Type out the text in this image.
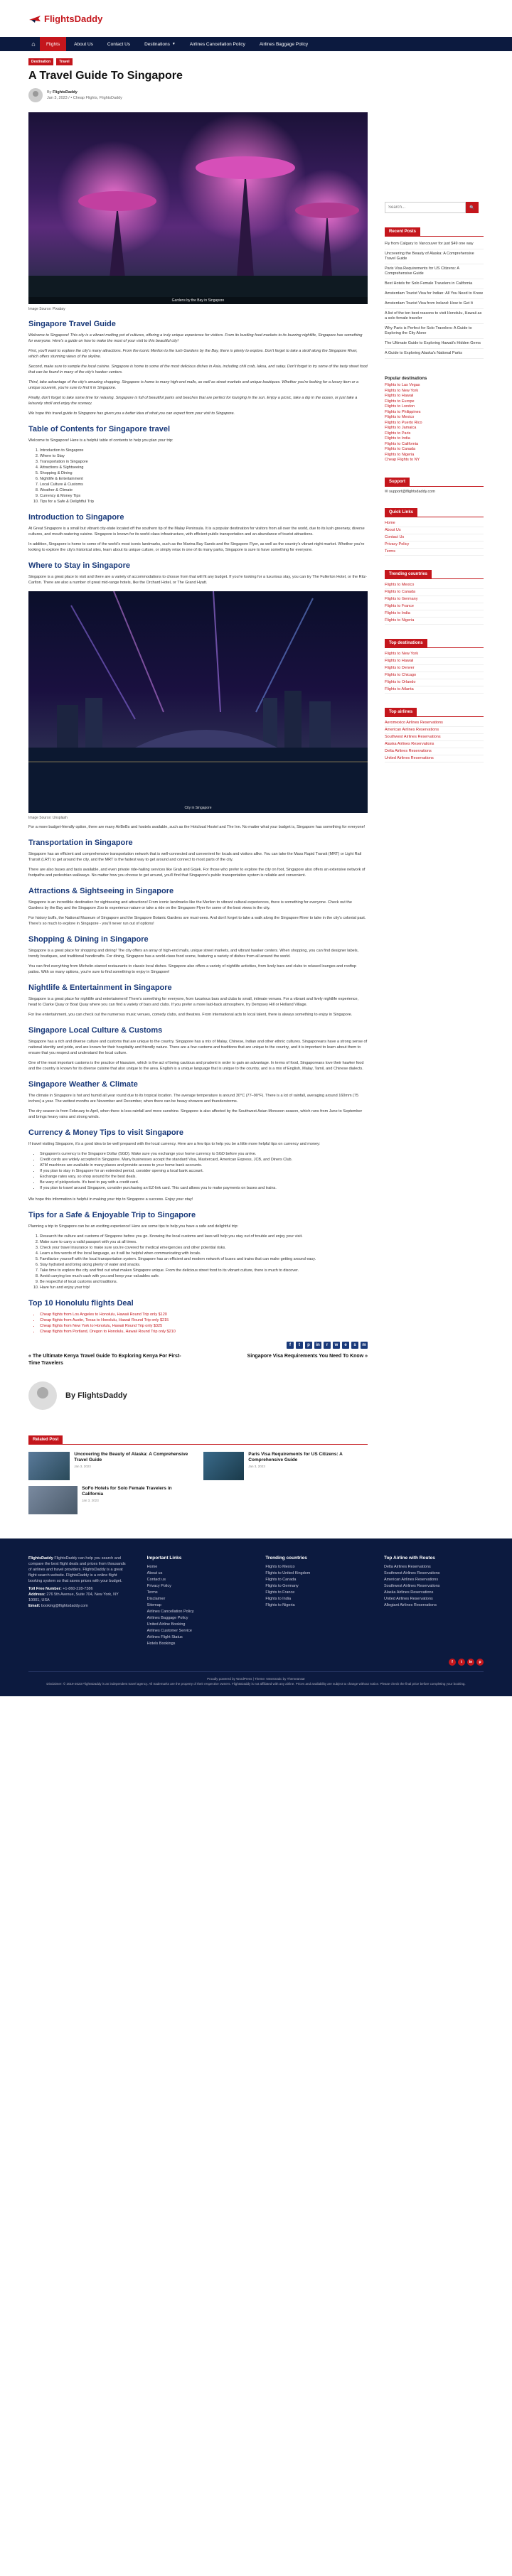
FlightsDaddy
⌂	Flights	About Us	Contact Us	Destinations ▼	Airlines Cancellation Policy	Airlines Baggage Policy
Destination	Travel
A Travel Guide To Singapore
By FlightsDaddy
Jan 3, 2023 / • Cheap Flights, FlightsDaddy
Gardens by the Bay in Singapore
Image Source: Pixabay
Singapore Travel Guide

Welcome to Singapore! This city is a vibrant melting pot of cultures, offering a truly unique experience for visitors. From its bustling food markets to its buzzing nightlife, Singapore has something for everyone. Here's a guide on how to make the most of your visit to this beautiful city!

First, you'll want to explore the city's many attractions. From the iconic Merlion to the lush Gardens by the Bay, there is plenty to explore. Don't forget to take a stroll along the Singapore River, which offers stunning views of the skyline.

Second, make sure to sample the local cuisine. Singapore is home to some of the most delicious dishes in Asia, including chili crab, laksa, and satay. Don't forget to try some of the tasty street food that can be found in many of the city's hawker centers.

Third, take advantage of the city's amazing shopping. Singapore is home to many high-end malls, as well as street markets and unique boutiques. Whether you're looking for a luxury item or a unique souvenir, you're sure to find it in Singapore.

Finally, don't forget to take some time for relaxing. Singapore is full of beautiful parks and beaches that are perfect for lounging in the sun. Enjoy a picnic, take a dip in the ocean, or just take a leisurely stroll and enjoy the scenery.

We hope this travel guide to Singapore has given you a better idea of what you can expect from your visit to Singapore.

Table of Contents for Singapore travel

Welcome to Singapore! Here is a helpful table of contents to help you plan your trip:

1. Introduction to Singapore
2. Where to Stay
3. Transportation in Singapore
4. Attractions & Sightseeing
5. Shopping & Dining
6. Nightlife & Entertainment
7. Local Culture & Customs
8. Weather & Climate
9. Currency & Money Tips
10. Tips for a Safe & Delightful Trip
Introduction to Singapore

At Great Singapore is a small but vibrant city-state located off the southern tip of the Malay Peninsula. It is a popular destination for visitors from all over the world, due to its lush greenery, diverse cultures, and mouth-watering cuisine. Singapore is known for its world-class infrastructure, with efficient public transportation and an abundance of tourist attractions.

In addition, Singapore is home to some of the world's most iconic landmarks, such as the Marina Bay Sands and the Singapore Flyer, as well as the country's vibrant night market. Whether you're looking to explore the city's historical sites, learn about its unique culture, or simply relax in one of its many parks, Singapore is sure to have something for everyone.

Where to Stay in Singapore

Singapore is a great place to visit and there are a variety of accommodations to choose from that will fit any budget. If you're looking for a luxurious stay, you can try The Fullerton Hotel, or the Ritz-Carlton. There are also a number of great mid-range hotels, like the Orchard Hotel, or The Grand Hyatt.

City in Singapore
Image Source: Unsplash

For a more budget-friendly option, there are many AirBnBs and hostels available, such as the Hotcloud Hostel and The Inn. No matter what your budget is, Singapore has something for everyone!

Transportation in Singapore

Singapore has an efficient and comprehensive transportation network that is well-connected and convenient for locals and visitors alike. You can take the Mass Rapid Transit (MRT) or Light Rail Transit (LRT) to get around the city, and the MRT is the fastest way to get around and connect to most parts of the city.

There are also buses and taxis available, and even private ride-hailing services like Grab and Gojek. For those who prefer to explore the city on foot, Singapore also offers an extensive network of footpaths and pedestrian walkways. No matter how you choose to get around, you'll find that Singapore's public transportation system is reliable and convenient.

Attractions & Sightseeing in Singapore

Singapore is an incredible destination for sightseeing and attractions! From iconic landmarks like the Merlion to vibrant cultural experiences, there is something for everyone. Check out the Gardens by the Bay and the Singapore Zoo to experience nature or take a ride on the Singapore Flyer for some of the best views in the city.

For history buffs, the National Museum of Singapore and the Singapore Botanic Gardens are must-sees. And don't forget to take a walk along the Singapore River to take in the city's colonial past. There's so much to explore in Singapore - you'll never run out of options!

Shopping & Dining in Singapore

Singapore is a great place for shopping and dining! The city offers an array of high-end malls, unique street markets, and vibrant hawker centers. When shopping, you can find designer labels, trendy boutiques, and traditional handicrafts. For dining, Singapore has a world-class food scene, featuring a variety of dishes from all around the world.

You can find everything from Michelin-starred restaurants to classic local dishes. Singapore also offers a variety of nightlife activities, from lively bars and clubs to relaxed lounges and rooftop patios. With so many options, you're sure to find something to enjoy in Singapore!

Nightlife & Entertainment in Singapore

Singapore is a great place for nightlife and entertainment! There's something for everyone, from luxurious bars and clubs to small, intimate venues. For a vibrant and lively nightlife experience, head to Clarke Quay or Boat Quay where you can find a variety of bars and clubs. If you prefer a more laid-back atmosphere, try Dempsey Hill or Holland Village.

For live entertainment, you can check out the numerous music venues, comedy clubs, and theatres. From international acts to local talent, there is always something to enjoy in Singapore.

Singapore Local Culture & Customs

Singapore has a rich and diverse culture and customs that are unique to the country. Singapore has a mix of Malay, Chinese, Indian and other ethnic cultures. Singaporeans have a strong sense of national identity and pride, and are known for their hospitality and friendly nature. There are a few customs and traditions that are unique to the country, and it is important to learn about them to ensure that you respect and understand the local culture.

One of the most important customs is the practice of kiasuism, which is the act of being cautious and prudent in order to gain an advantage. In terms of food, Singaporeans love their hawker food and the country is known for its diverse cuisine that also unique to the area. English is a unique language that is unique to the country, and is a mix of English, Malay, Tamil, and Chinese dialects.

Singapore Weather & Climate

The climate in Singapore is hot and humid all year round due to its tropical location. The average temperature is around 30°C (77–90°F). There is a lot of rainfall, averaging around 160mm (75 inches) a year. The wettest months are November and December, when there can be heavy showers and thunderstorms.

The dry season is from February to April, when there is less rainfall and more sunshine. Singapore is also affected by the Southwest Asian Monsoon season, which runs from June to September and brings heavy rains and strong winds.

Currency & Money Tips to visit Singapore

If travel visiting Singapore, it's a good idea to be well prepared with the local currency. Here are a few tips to help you be a little more helpful tips on currency and money:

• Singapore's currency is the Singapore Dollar (SGD). Make sure you exchange your home currency to SGD before you arrive.
• Credit cards are widely accepted in Singapore. Many businesses accept the standard Visa, Mastercard, American Express, JCB, and Diners Club.
• ATM machines are available in many places and provide access to your home bank accounts.
• If you plan to stay in Singapore for an extended period, consider opening a local bank account.
• Exchange rates vary, so shop around for the best deals.
• Be wary of pickpockets. It's best to pay with a credit card.
• If you plan to travel around Singapore, consider purchasing an EZ-link card. This card allows you to make payments on buses and trains.

We hope this information is helpful in making your trip to Singapore a success. Enjoy your stay!

Tips for a Safe & Enjoyable Trip to Singapore

Planning a trip to Singapore can be an exciting experience! Here are some tips to help you have a safe and delightful trip:

1. Research the culture and customs of Singapore before you go. Knowing the local customs and laws will help you stay out of trouble and enjoy your visit.
2. Make sure to carry a valid passport with you at all times.
3. Check your travel insurance to make sure you're covered for medical emergencies and other potential risks.
4. Learn a few words of the local language, as it will be helpful when communicating with locals.
5. Familiarize yourself with the local transportation system. Singapore has an efficient and modern network of buses and trains that can make getting around easy.
6. Stay hydrated and bring along plenty of water and snacks.
7. Take time to explore the city and find out what makes Singapore unique. From the delicious street food to its vibrant culture, there is much to discover.
8. Avoid carrying too much cash with you and keep your valuables safe.
9. Be respectful of local customs and traditions.
10. Have fun and enjoy your trip!
Top 10 Honolulu flights Deal
• Cheap flights from Los Angeles to Honolulu, Hawaii Round Trip only $120
• Cheap flights from Austin, Texas to Honolulu, Hawaii Round Trip only $215
• Cheap flights from New York to Honolulu, Hawaii Round Trip only $325
• Cheap flights from Portland, Oregon to Honolulu, Hawaii Round Trip only $210
f	t	p	in	r	w	e	s	m
« The Ultimate Kenya Travel Guide To Exploring Kenya For First-Time Travelers
Singapore Visa Requirements You Need To Know »
By FlightsDaddy
Related Post
Uncovering the Beauty of Alaska: A Comprehensive Travel Guide
Jan 3, 2023
Paris Visa Requirements for US Citizens: A Comprehensive Guide
Jan 3, 2023
SoFo Hotels for Solo Female Travelers in California
Jan 3, 2023
Search...
🔍
Recent Posts
Fly from Calgary to Vancouver for just $49 one way
Uncovering the Beauty of Alaska: A Comprehensive Travel Guide
Paris Visa Requirements for US Citizens: A Comprehensive Guide
Best Hotels for Solo Female Travelers in California
Amsterdam Tourist Visa for Indian: All You Need to Know
Amsterdam Tourist Visa from Ireland: How to Get It
A list of the ten best reasons to visit Honolulu, Hawaii as a solo female traveler
Why Paris is Perfect for Solo Travelers: A Guide to Exploring the City Alone
The Ultimate Guide to Exploring Hawaii's Hidden Gems
A Guide to Exploring Alaska's National Parks
Popular destinations
Flights to Las Vegas
Flights to New York
Flights to Hawaii
Flights to Europe
Flights to London
Flights to Philippines
Flights to Mexico
Flights to Puerto Rico
Flights to Jamaica
Flights to Paris
Flights to India
Flights to California
Flights to Canada
Flights to Nigeria
Cheap Flights to NY
Support
✉ support@flightsdaddy.com
Quick Links
Home
About Us
Contact Us
Privacy Policy
Terms
Trending countries
Flights to Mexico
Flights to Canada
Flights to Germany
Flights to France
Flights to India
Flights to Nigeria
Top destinations
Flights to New York
Flights to Hawaii
Flights to Denver
Flights to Chicago
Flights to Orlando
Flights to Atlanta
Top airlines
Aeromexico Airlines Reservations
American Airlines Reservations
Southwest Airlines Reservations
Alaska Airlines Reservations
Delta Airlines Reservations
United Airlines Reservations
FlightsDaddy FlightsDaddy can help you search and compare the best flight deals and prices from thousands of airlines and travel providers. FlightsDaddy is a great flight search website. FlightsDaddy is a online flight booking system so that saves prices with your budget.
Toll Free Number: +1-860-228-7386
Address: 276 5th Avenue, Suite 704, New York, NY 10001, USA
Email: booking@flightsdaddy.com
Important Links
Home
About us
Contact us
Privacy Policy
Terms
Disclaimer
Sitemap
Airlines Cancellation Policy
Airlines Baggage Policy
United Airline Booking
Airlines Customer Service
Airlines Flight Status
Hotels Bookings
Trending countries
Flights to Mexico
Flights to United Kingdom
Flights to Canada
Flights to Germany
Flights to France
Flights to India
Flights to Nigeria
Top Airline with Routes
Delta Airlines Reservations
Southwest Airlines Reservations
American Airlines Reservations
Southwest Airlines Reservations
Alaska Airlines Reservations
United Airlines Reservations
Allegiant Airlines Reservations
f	t	in	p
Proudly powered by WordPress | Theme: Newsmatic by Themeansar
Disclaimer: © 2019-2023 FlightsDaddy is an independent travel agency. All trademarks are the property of their respective owners. FlightsDaddy is not affiliated with any airline. Prices and availability are subject to change without notice. Please check the final price before completing your booking.
